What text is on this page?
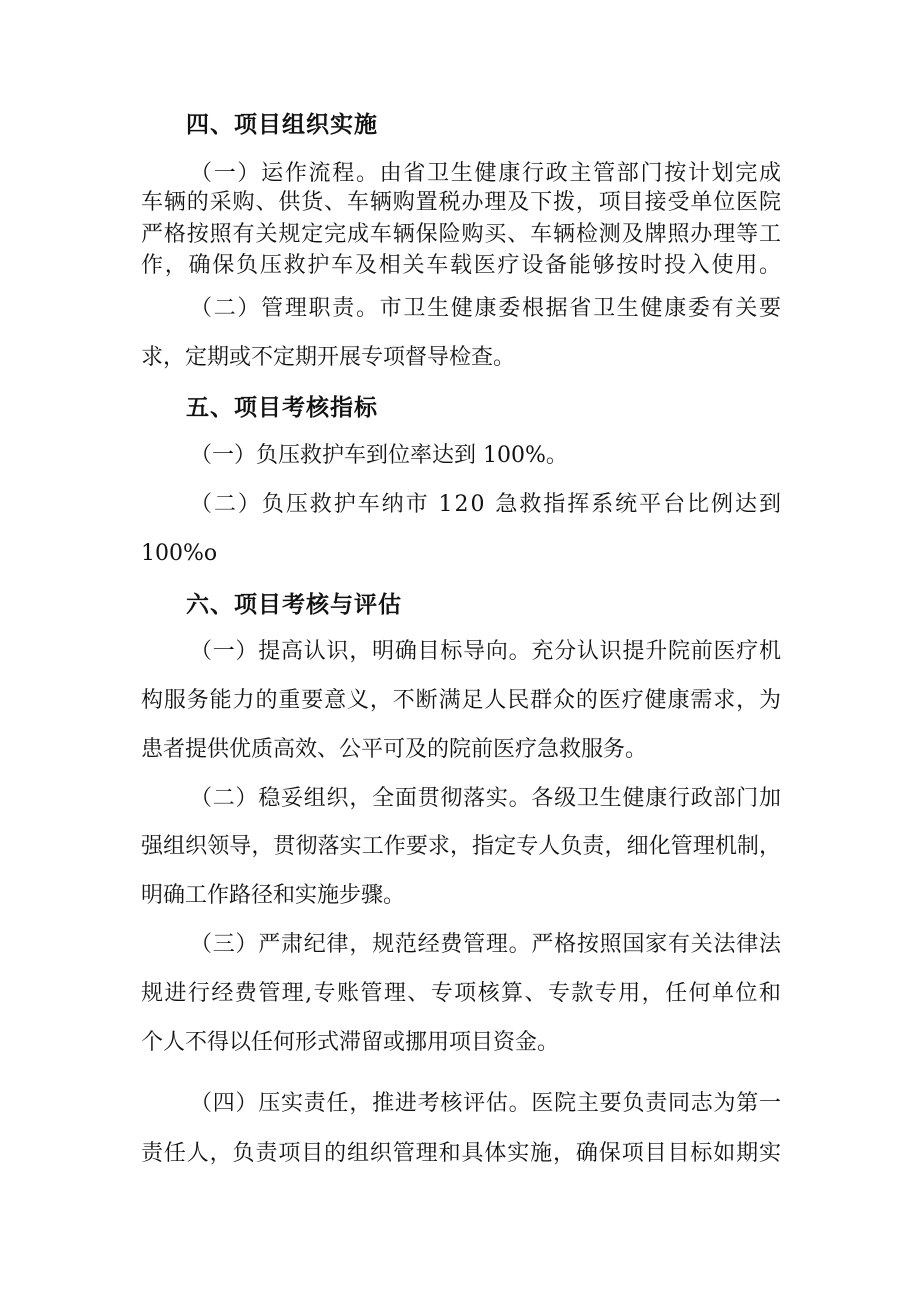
四、项目组织实施
（一）运作流程。由省卫生健康行政主管部门按计划完成
车辆的采购、供货、车辆购置税办理及下拨，项目接受单位医院
严格按照有关规定完成车辆保险购买、车辆检测及牌照办理等工
作，确保负压救护车及相关车载医疗设备能够按时投入使用。
（二）管理职责。市卫生健康委根据省卫生健康委有关要
求，定期或不定期开展专项督导检查。
五、项目考核指标
（一）负压救护车到位率达到 100%。
（二）负压救护车纳市 120 急救指挥系统平台比例达到
100%o
六、项目考核与评估
（一）提高认识，明确目标导向。充分认识提升院前医疗机
构服务能力的重要意义，不断满足人民群众的医疗健康需求，为
患者提供优质高效、公平可及的院前医疗急救服务。
（二）稳妥组织，全面贯彻落实。各级卫生健康行政部门加
强组织领导，贯彻落实工作要求，指定专人负责，细化管理机制，
明确工作路径和实施步骤。
（三）严肃纪律，规范经费管理。严格按照国家有关法律法
规进行经费管理,专账管理、专项核算、专款专用，任何单位和
个人不得以任何形式滞留或挪用项目资金。
（四）压实责任，推进考核评估。医院主要负责同志为第一
责任人，负责项目的组织管理和具体实施，确保项目目标如期实
